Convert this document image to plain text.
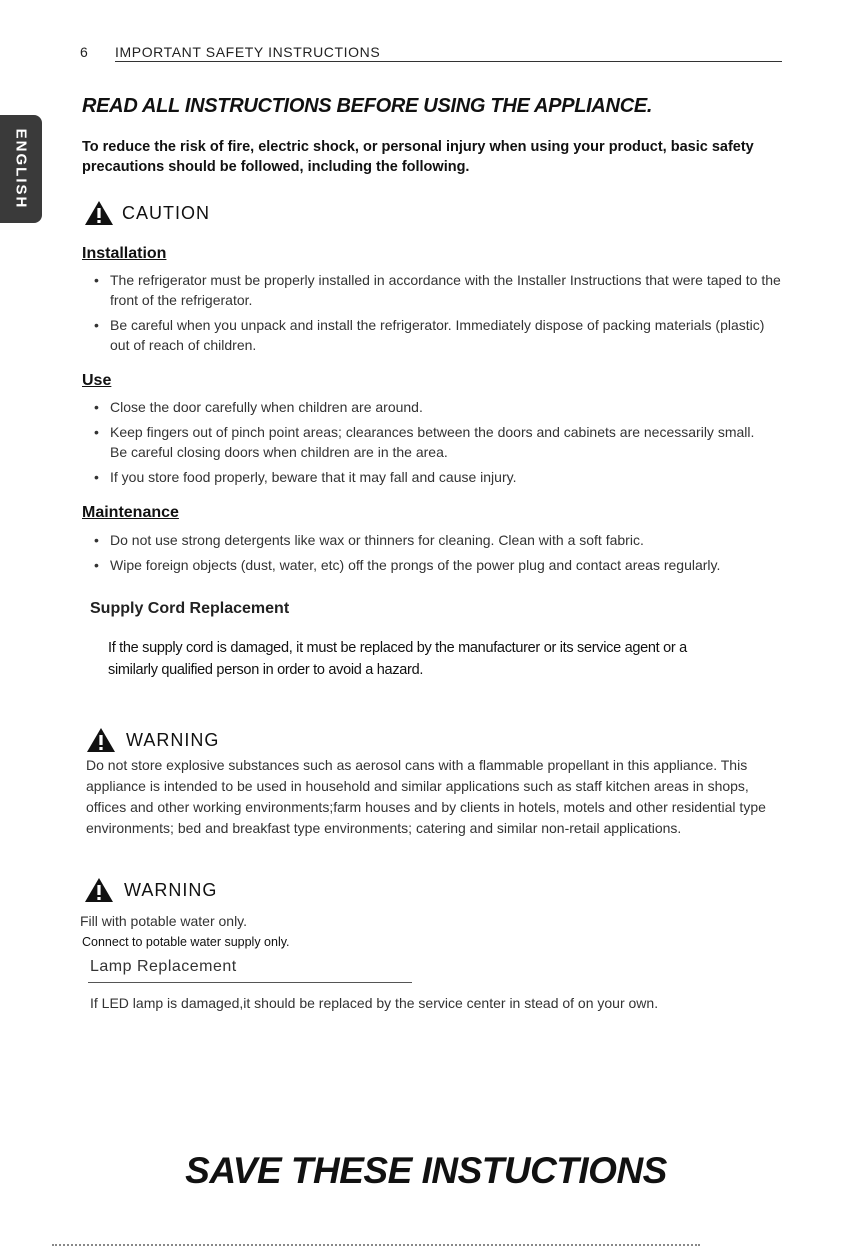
6 IMPORTANT SAFETY INSTRUCTIONS
ENGLISH
READ ALL INSTRUCTIONS BEFORE USING THE APPLIANCE.
To reduce the risk of fire, electric shock, or personal injury when using your product, basic safety precautions should be followed, including the following.
CAUTION
Installation
• The refrigerator must be properly installed in accordance with the Installer Instructions that were taped to the front of the refrigerator.
• Be careful when you unpack and install the refrigerator. Immediately dispose of packing materials (plastic) out of reach of children.
Use
• Close the door carefully when children are around.
• Keep fingers out of pinch point areas; clearances between the doors and cabinets are necessarily small. Be careful closing doors when children are in the area.
• If you store food properly, beware that it may fall and cause injury.
Maintenance
• Do not use strong detergents like wax or thinners for cleaning. Clean with a soft fabric.
• Wipe foreign objects (dust, water, etc) off the prongs of the power plug and contact areas regularly.
Supply Cord Replacement
If the supply cord is damaged, it must be replaced by the manufacturer or its service agent or a similarly qualified person in order to avoid a hazard.
WARNING
Do not store explosive substances such as aerosol cans with a flammable propellant in this appliance. This appliance is intended to be used in household and similar applications such as staff kitchen areas in shops, offices and other working environments;farm houses and by clients in hotels, motels and other residential type environments; bed and breakfast type environments; catering and similar non-retail applications.
WARNING
Fill with potable water only.
Connect to potable water supply only.
Lamp Replacement
If LED lamp is damaged,it should be replaced by the service center in stead of on your own.
SAVE THESE INSTUCTIONS
